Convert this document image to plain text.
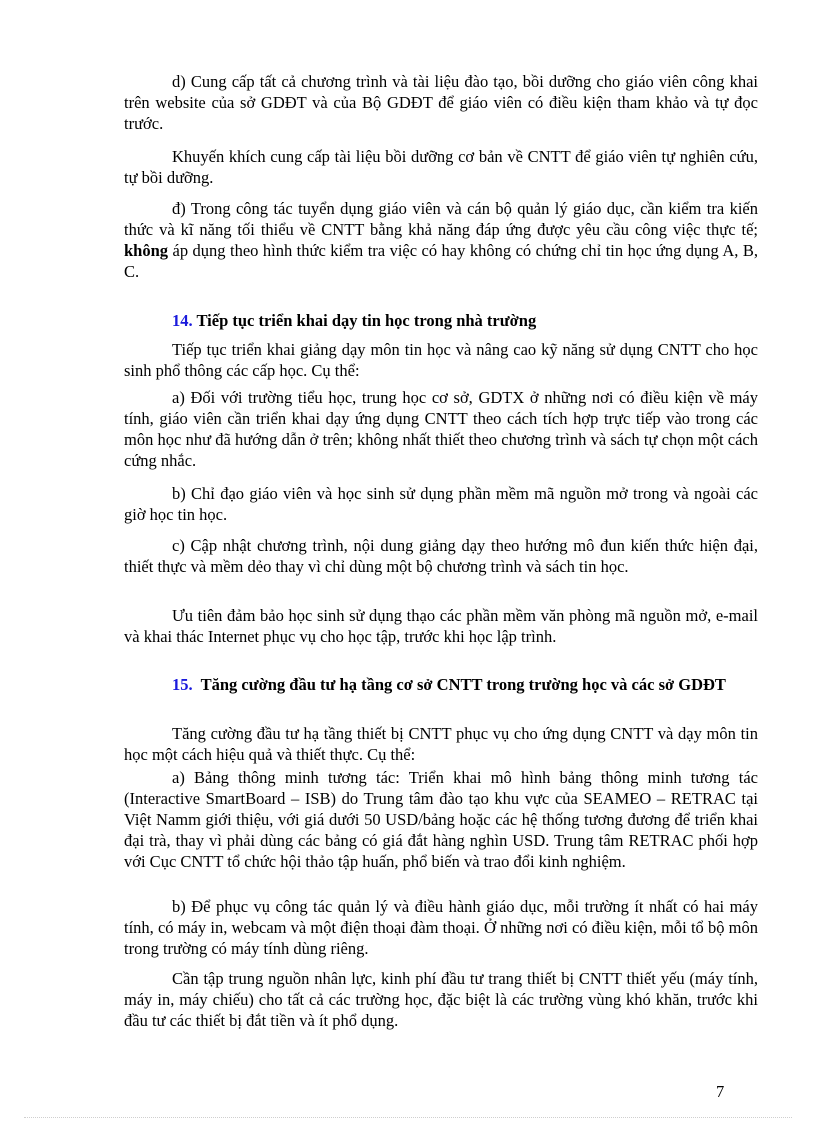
d) Cung cấp tất cả chương trình và tài liệu đào tạo, bồi dưỡng cho giáo viên công khai trên website của sở GDĐT và của Bộ GDĐT để giáo viên có điều kiện tham khảo và tự đọc trước.

Khuyến khích cung cấp tài liệu bồi dưỡng cơ bản về CNTT để giáo viên tự nghiên cứu, tự bồi dưỡng.

đ) Trong công tác tuyển dụng giáo viên và cán bộ quản lý giáo dục, cần kiểm tra kiến thức và kĩ năng tối thiểu về CNTT bằng khả năng đáp ứng được yêu cầu công việc thực tế; không áp dụng theo hình thức kiểm tra việc có hay không có chứng chỉ tin học ứng dụng A, B, C.

14. Tiếp tục triển khai dạy tin học trong nhà trường

Tiếp tục triển khai giảng dạy môn tin học và nâng cao kỹ năng sử dụng CNTT cho học sinh phổ thông các cấp học. Cụ thể:

a) Đối với trường tiểu học, trung học cơ sở, GDTX ở những nơi có điều kiện về máy tính, giáo viên cần triển khai dạy ứng dụng CNTT theo cách tích hợp trực tiếp vào trong các môn học như đã hướng dẫn ở trên; không nhất thiết theo chương trình và sách tự chọn một cách cứng nhắc.

b) Chỉ đạo giáo viên và học sinh sử dụng phần mềm mã nguồn mở trong và ngoài các giờ học tin học.

c) Cập nhật chương trình, nội dung giảng dạy theo hướng mô đun kiến thức hiện đại, thiết thực và mềm dẻo thay vì chỉ dùng một bộ chương trình và sách tin học.

Ưu tiên đảm bảo học sinh sử dụng thạo các phần mềm văn phòng mã nguồn mở, e-mail và khai thác Internet phục vụ cho học tập, trước khi học lập trình.

15. Tăng cường đầu tư hạ tầng cơ sở CNTT trong trường học và các sở GDĐT

Tăng cường đầu tư hạ tầng thiết bị CNTT phục vụ cho ứng dụng CNTT và dạy môn tin học một cách hiệu quả và thiết thực. Cụ thể:

a) Bảng thông minh tương tác: Triển khai mô hình bảng thông minh tương tác (Interactive SmartBoard – ISB) do Trung tâm đào tạo khu vực của SEAMEO – RETRAC tại Việt Namm giới thiệu, với giá dưới 50 USD/bảng hoặc các hệ thống tương đương để triển khai đại trà, thay vì phải dùng các bảng có giá đắt hàng nghìn USD. Trung tâm RETRAC phối hợp với Cục CNTT tổ chức hội thảo tập huấn, phổ biến và trao đổi kinh nghiệm.

b) Để phục vụ công tác quản lý và điều hành giáo dục, mỗi trường ít nhất có hai máy tính, có máy in, webcam và một điện thoại đàm thoại. Ở những nơi có điều kiện, mỗi tổ bộ môn trong trường có máy tính dùng riêng.

Cần tập trung nguồn nhân lực, kinh phí đầu tư trang thiết bị CNTT thiết yếu (máy tính, máy in, máy chiếu) cho tất cả các trường học, đặc biệt là các trường vùng khó khăn, trước khi đầu tư các thiết bị đắt tiền và ít phổ dụng.

7
